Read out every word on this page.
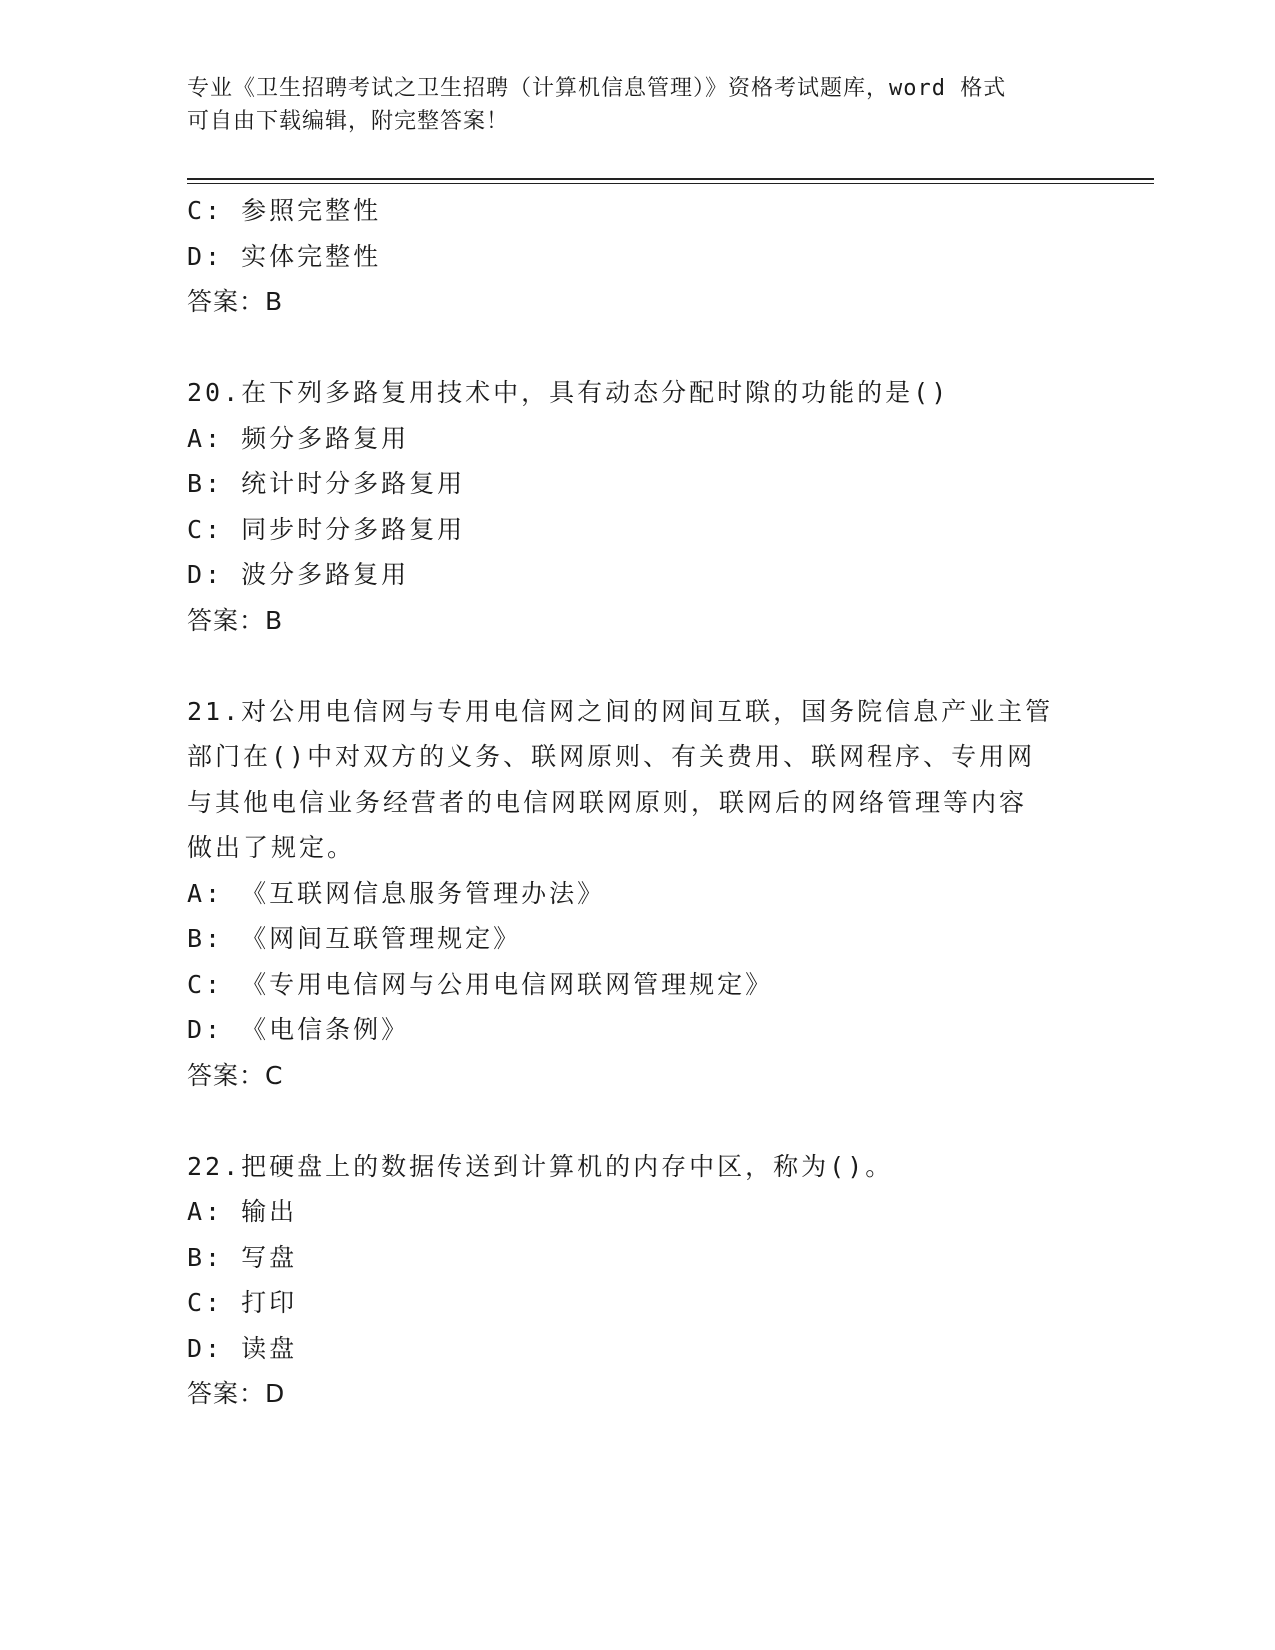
专业《卫生招聘考试之卫生招聘（计算机信息管理）》资格考试题库，word 格式
可自由下载编辑，附完整答案！
C: 参照完整性
D: 实体完整性
答案：B
20.在下列多路复用技术中，具有动态分配时隙的功能的是()
A: 频分多路复用
B: 统计时分多路复用
C: 同步时分多路复用
D: 波分多路复用
答案：B
21.对公用电信网与专用电信网之间的网间互联，国务院信息产业主管
部门在()中对双方的义务、联网原则、有关费用、联网程序、专用网
与其他电信业务经营者的电信网联网原则，联网后的网络管理等内容
做出了规定。
A: 《互联网信息服务管理办法》
B: 《网间互联管理规定》
C: 《专用电信网与公用电信网联网管理规定》
D: 《电信条例》
答案：C
22.把硬盘上的数据传送到计算机的内存中区，称为()。
A: 输出
B: 写盘
C: 打印
D: 读盘
答案：D
